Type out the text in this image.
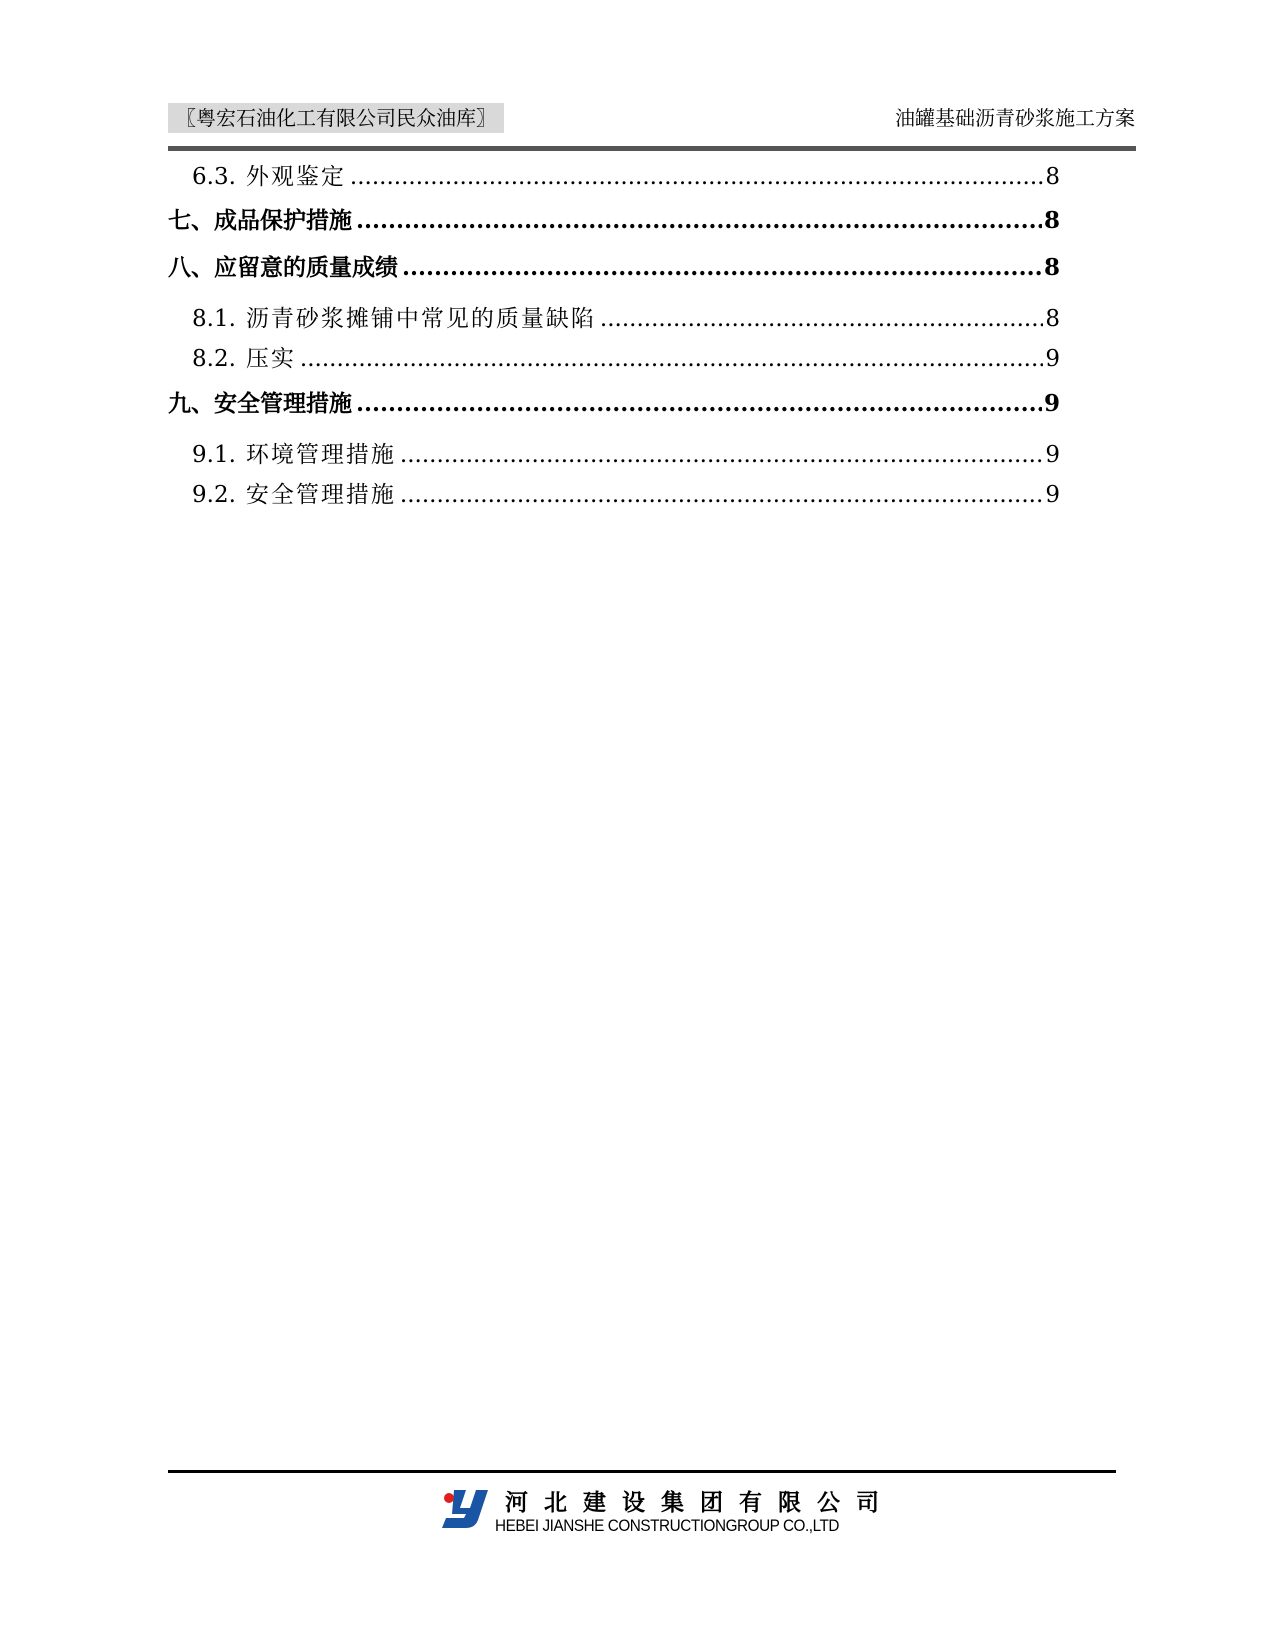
〖粤宏石油化工有限公司民众油库〗	油罐基础沥青砂浆施工方案
6.3. 外观鉴定 .....	8
七、成品保护措施 .....	8
八、应留意的质量成绩 .....	8
8.1. 沥青砂浆摊铺中常见的质量缺陷 .....	8
8.2. 压实 .....	9
九、安全管理措施 .....	9
9.1. 环境管理措施 .....	9
9.2. 安全管理措施 .....	9
河北建设集团有限公司
HEBEI JIANSHE CONSTRUCTIONGROUP CO.,LTD
